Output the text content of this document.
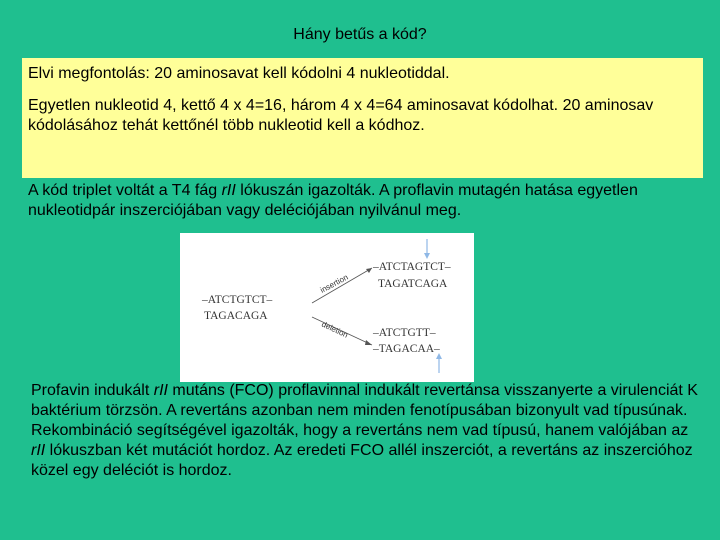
Hány betűs a kód?

Elvi megfontolás: 20 aminosavat kell kódolni 4 nukleotiddal.

Egyetlen nukleotid 4, kettő 4 x 4=16, három 4 x 4=64 aminosavat kódolhat. 20 aminosav kódolásához tehát kettőnél több nukleotid kell a kódhoz.

A kód triplet voltát a T4 fág rII lókuszán igazolták. A proflavin mutagén hatása egyetlen nukleotidpár inszerciójában vagy deléciójában nyilvánul meg.

–ATCTGTCT–
TAGACAGA
insertion
deletion
–ATCTAGTCT–
TAGATCAGA
–ATCTGTT–
–TAGACAA–

Profavin indukált rII mutáns (FCO) proflavinnal indukált revertánsa visszanyerte a virulenciát K baktérium törzsön. A revertáns azonban nem minden fenotípusában bizonyult vad típusúnak. Rekombináció segítségével igazolták, hogy a revertáns nem vad típusú, hanem valójában az rII lókuszban két mutációt hordoz. Az eredeti FCO allél inszerciót, a revertáns az inszercióhoz közel egy deléciót is hordoz.
